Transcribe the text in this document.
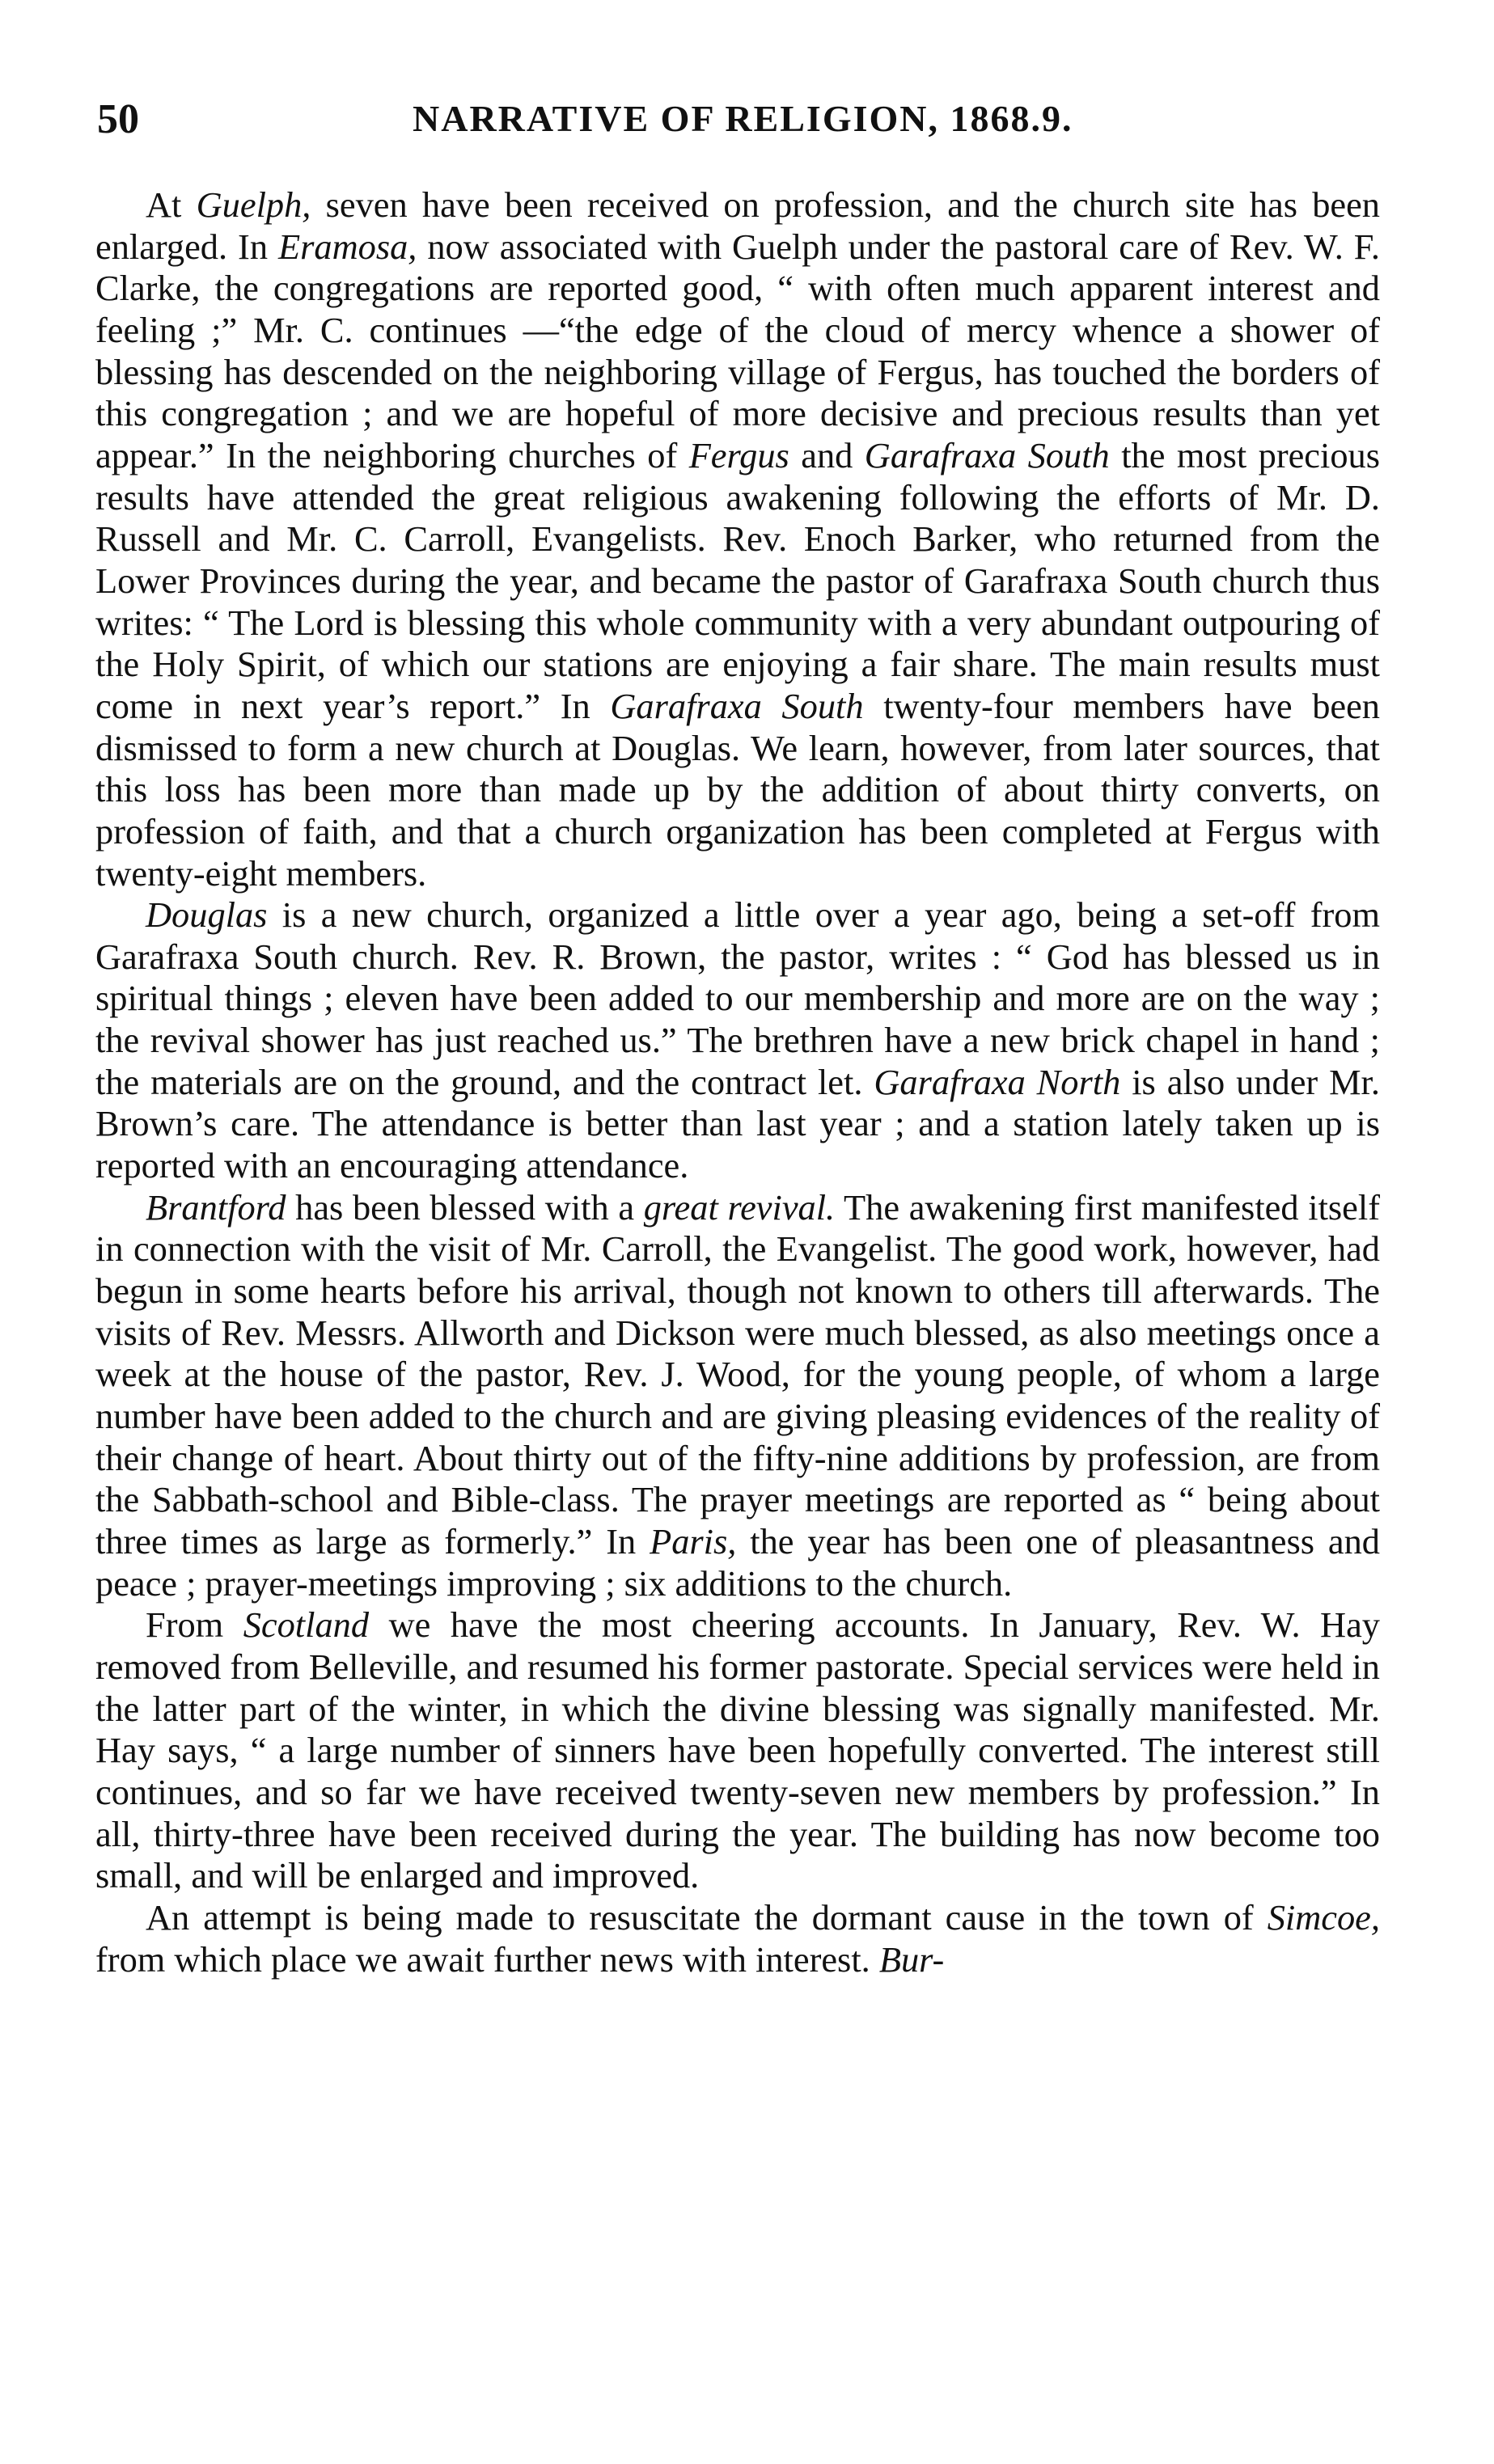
50	NARRATIVE OF RELIGION, 1868.9.

At Guelph, seven have been received on profession, and the church site has been enlarged. In Eramosa, now associated with Guelph under the pastoral care of Rev. W. F. Clarke, the congregations are reported good, “ with often much apparent interest and feeling ;” Mr. C. continues —“the edge of the cloud of mercy whence a shower of blessing has descended on the neighboring village of Fergus, has touched the borders of this congregation ; and we are hopeful of more decisive and precious results than yet appear.” In the neighboring churches of Fergus and Garafraxa South the most precious results have attended the great religious awakening following the efforts of Mr. D. Russell and Mr. C. Carroll, Evangelists. Rev. Enoch Barker, who returned from the Lower Provinces during the year, and became the pastor of Garafraxa South church thus writes: “ The Lord is blessing this whole community with a very abundant outpouring of the Holy Spirit, of which our stations are enjoying a fair share. The main results must come in next year’s report.” In Garafraxa South twenty-four members have been dismissed to form a new church at Douglas. We learn, however, from later sources, that this loss has been more than made up by the addition of about thirty converts, on profession of faith, and that a church organization has been completed at Fergus with twenty-eight members.

Douglas is a new church, organized a little over a year ago, being a set-off from Garafraxa South church. Rev. R. Brown, the pastor, writes : “ God has blessed us in spiritual things ; eleven have been added to our membership and more are on the way ; the revival shower has just reached us.” The brethren have a new brick chapel in hand ; the materials are on the ground, and the contract let. Garafraxa North is also under Mr. Brown’s care. The attendance is better than last year ; and a station lately taken up is reported with an encouraging attendance.

Brantford has been blessed with a great revival. The awakening first manifested itself in connection with the visit of Mr. Carroll, the Evangelist. The good work, however, had begun in some hearts before his arrival, though not known to others till afterwards. The visits of Rev. Messrs. Allworth and Dickson were much blessed, as also meetings once a week at the house of the pastor, Rev. J. Wood, for the young people, of whom a large number have been added to the church and are giving pleasing evidences of the reality of their change of heart. About thirty out of the fifty-nine additions by profession, are from the Sabbath-school and Bible-class. The prayer meetings are reported as “ being about three times as large as formerly.” In Paris, the year has been one of pleasantness and peace ; prayer-meetings improving ; six additions to the church.

From Scotland we have the most cheering accounts. In January, Rev. W. Hay removed from Belleville, and resumed his former pastorate. Special services were held in the latter part of the winter, in which the divine blessing was signally manifested. Mr. Hay says, “ a large number of sinners have been hopefully converted. The interest still continues, and so far we have received twenty-seven new members by profession.” In all, thirty-three have been received during the year. The building has now become too small, and will be enlarged and improved.

An attempt is being made to resuscitate the dormant cause in the town of Simcoe, from which place we await further news with interest. Bur-
